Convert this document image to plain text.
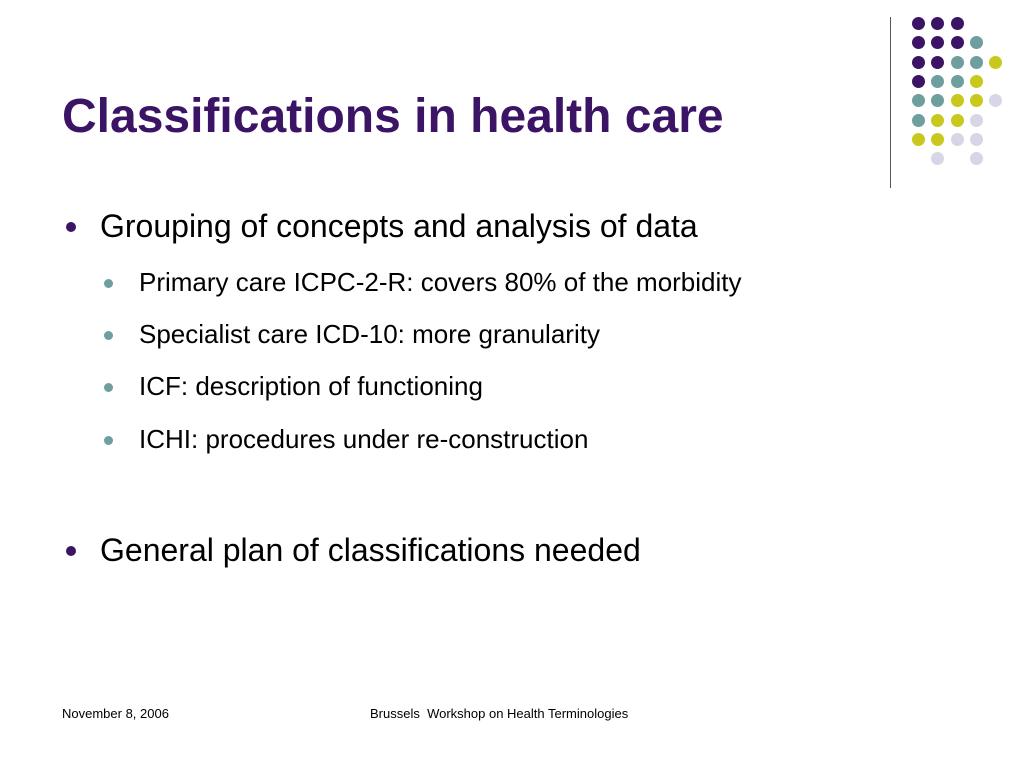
Classifications in health care
Grouping of concepts and analysis of data
Primary care ICPC-2-R: covers 80% of the morbidity
Specialist care ICD-10: more granularity
ICF: description of functioning
ICHI: procedures under re-construction
General plan of classifications needed
November 8, 2006	Brussels  Workshop on Health Terminologies
